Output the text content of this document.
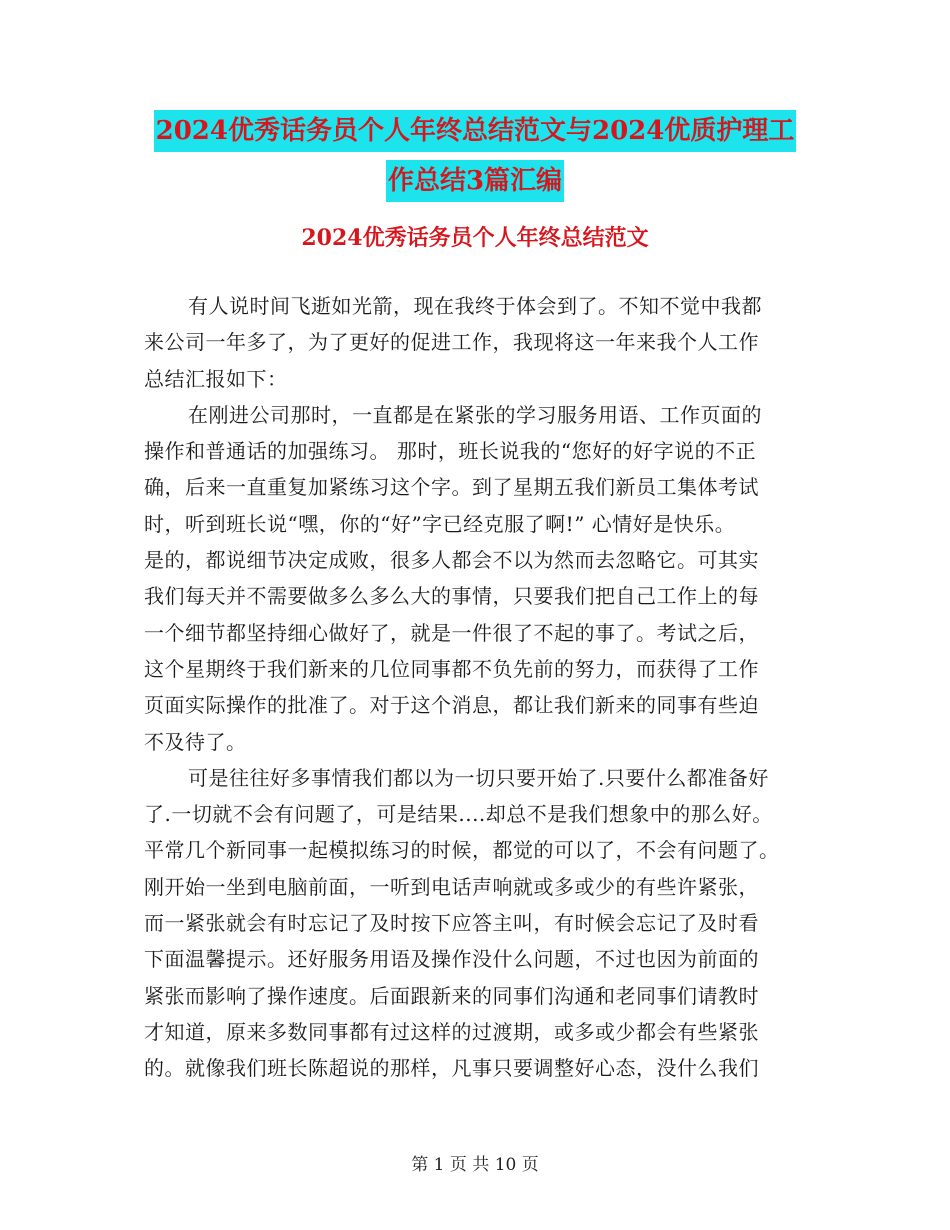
2024优秀话务员个人年终总结范文与2024优质护理工
作总结3篇汇编
2024优秀话务员个人年终总结范文
有人说时间飞逝如光箭，现在我终于体会到了。不知不觉中我都
来公司一年多了，为了更好的促进工作，我现将这一年来我个人工作
总结汇报如下：
在刚进公司那时，一直都是在紧张的学习服务用语、工作页面的
操作和普通话的加强练习。 那时，班长说我的“您好的好字说的不正
确，后来一直重复加紧练习这个字。到了星期五我们新员工集体考试
时，听到班长说“嘿，你的“好”字已经克服了啊!” 心情好是快乐。
是的，都说细节决定成败，很多人都会不以为然而去忽略它。可其实
我们每天并不需要做多么多么大的事情，只要我们把自己工作上的每
一个细节都坚持细心做好了，就是一件很了不起的事了。考试之后，
这个星期终于我们新来的几位同事都不负先前的努力，而获得了工作
页面实际操作的批准了。对于这个消息，都让我们新来的同事有些迫
不及待了。
可是往往好多事情我们都以为一切只要开始了.只要什么都准备好
了.一切就不会有问题了，可是结果....却总不是我们想象中的那么好。
平常几个新同事一起模拟练习的时候，都觉的可以了，不会有问题了。
刚开始一坐到电脑前面，一听到电话声响就或多或少的有些许紧张，
而一紧张就会有时忘记了及时按下应答主叫，有时候会忘记了及时看
下面温馨提示。还好服务用语及操作没什么问题，不过也因为前面的
紧张而影响了操作速度。后面跟新来的同事们沟通和老同事们请教时
才知道，原来多数同事都有过这样的过渡期，或多或少都会有些紧张
的。就像我们班长陈超说的那样，凡事只要调整好心态，没什么我们
第 1 页 共 10 页
